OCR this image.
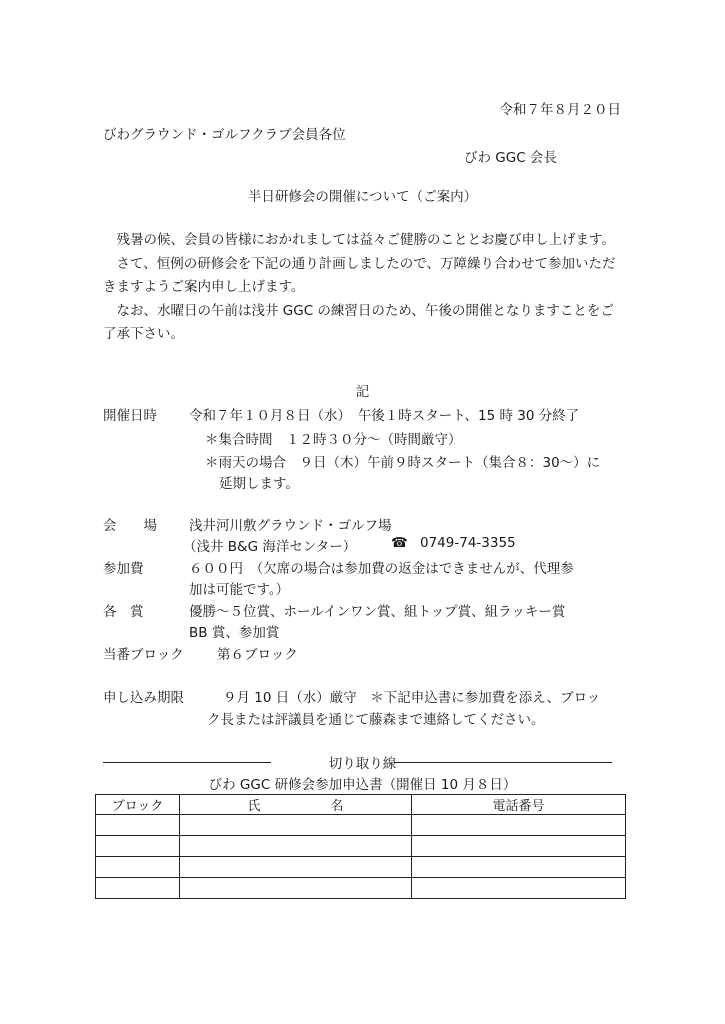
令和７年８月２０日
びわグラウンド・ゴルフクラブ会員各位
びわ GGC 会長
半日研修会の開催について（ご案内）

　残暑の候、会員の皆様におかれましては益々ご健勝のこととお慶び申し上げます。

　さて、恒例の研修会を下記の通り計画しましたので、万障繰り合わせて参加いただきますようご案内申し上げます。

　なお、水曜日の午前は浅井 GGC の練習日のため、午後の開催となりますことをご了承下さい。

記
開催日時 令和７年１０月８日（水）　午後１時スタート、15 時 30 分終了
＊集合時間　１２時３０分～（時間厳守）
＊雨天の場合　９日（木）午前９時スタート（集合８：30～）に
延期します。
会　　場 浅井河川敷グラウンド・ゴルフ場
（浅井 B&G 海洋センター）	☎ 0749-74-3355
参加費	６００円　（欠席の場合は参加費の返金はできませんが、代理参
加は可能です。）
各　賞	優勝～５位賞、ホールインワン賞、組トップ賞、組ラッキー賞
BB 賞、参加賞
当番ブロック 第６ブロック
申し込み期限	９月 10 日（水）厳守　＊下記申込書に参加費を添え、ブロッ
ク長または評議員を通じて藤森まで連絡してください。
切り取り線
びわ GGC 研修会参加申込書（開催日 10 月８日）
ブロック	氏 名	電話番号
